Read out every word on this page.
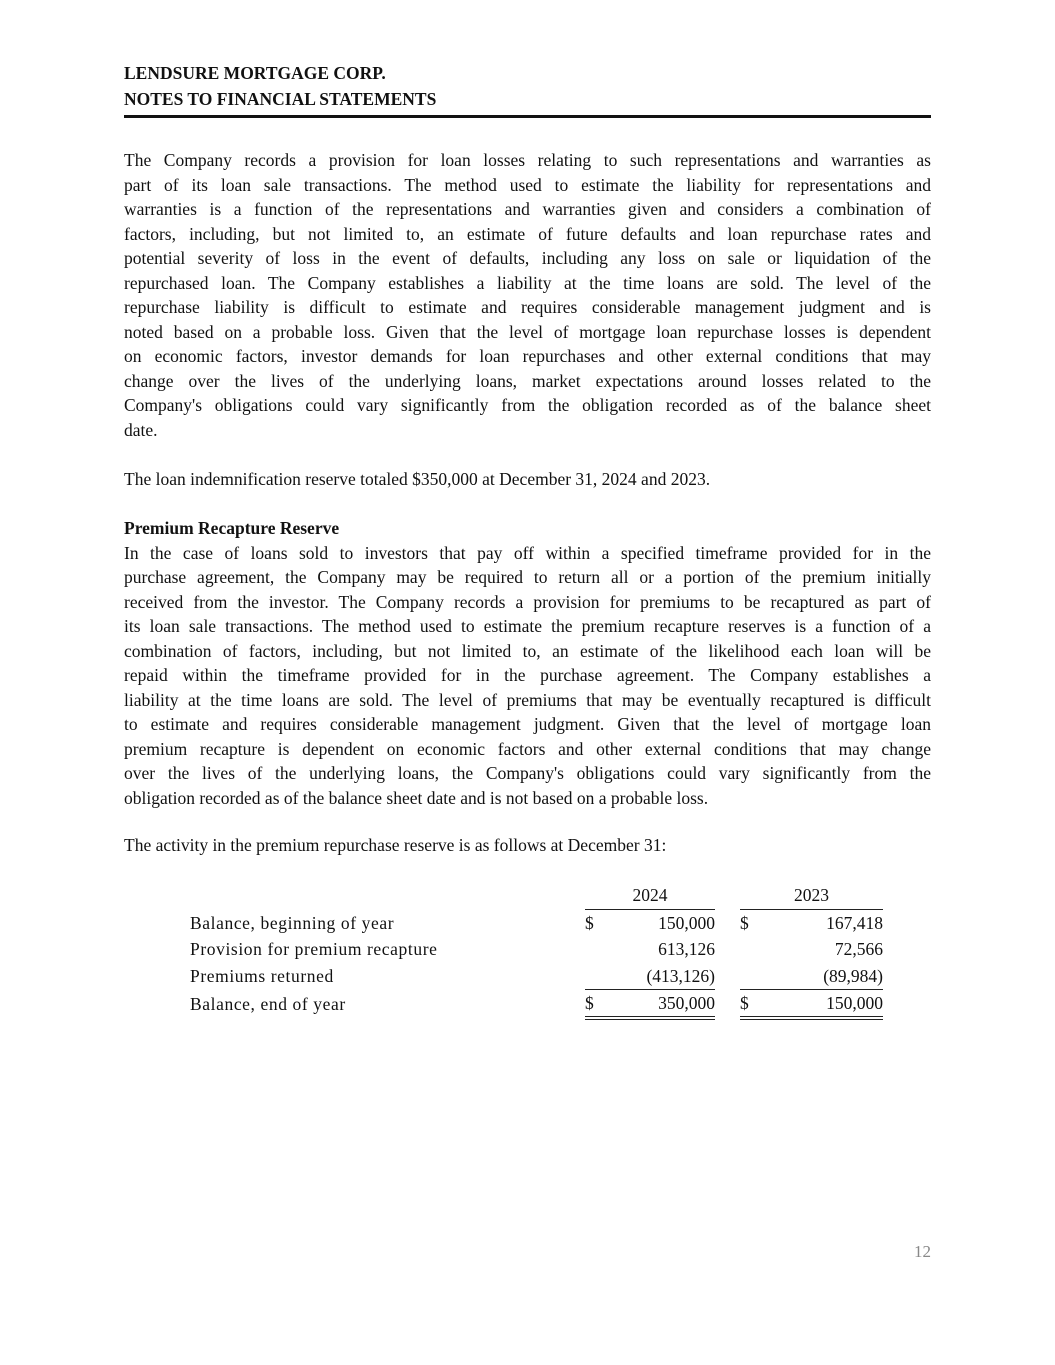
LENDSURE MORTGAGE CORP.
NOTES TO FINANCIAL STATEMENTS
The Company records a provision for loan losses relating to such representations and warranties as
part of its loan sale transactions. The method used to estimate the liability for representations and
warranties is a function of the representations and warranties given and considers a combination of
factors, including, but not limited to, an estimate of future defaults and loan repurchase rates and
potential severity of loss in the event of defaults, including any loss on sale or liquidation of the
repurchased loan. The Company establishes a liability at the time loans are sold. The level of the
repurchase liability is difficult to estimate and requires considerable management judgment and is
noted based on a probable loss. Given that the level of mortgage loan repurchase losses is dependent
on economic factors, investor demands for loan repurchases and other external conditions that may
change over the lives of the underlying loans, market expectations around losses related to the
Company's obligations could vary significantly from the obligation recorded as of the balance sheet
date.
The loan indemnification reserve totaled $350,000 at December 31, 2024 and 2023.
Premium Recapture Reserve
In the case of loans sold to investors that pay off within a specified timeframe provided for in the
purchase agreement, the Company may be required to return all or a portion of the premium initially
received from the investor. The Company records a provision for premiums to be recaptured as part of
its loan sale transactions. The method used to estimate the premium recapture reserves is a function of a
combination of factors, including, but not limited to, an estimate of the likelihood each loan will be
repaid within the timeframe provided for in the purchase agreement. The Company establishes a
liability at the time loans are sold. The level of premiums that may be eventually recaptured is difficult
to estimate and requires considerable management judgment. Given that the level of mortgage loan
premium recapture is dependent on economic factors and other external conditions that may change
over the lives of the underlying loans, the Company's obligations could vary significantly from the
obligation recorded as of the balance sheet date and is not based on a probable loss.
The activity in the premium repurchase reserve is as follows at December 31:
		2024			2023	
Balance, beginning of year		$	150,000		$	167,418
Provision for premium recapture			613,126			72,566
Premiums returned			(413,126)			(89,984)
Balance, end of year		$	350,000		$	150,000
12
